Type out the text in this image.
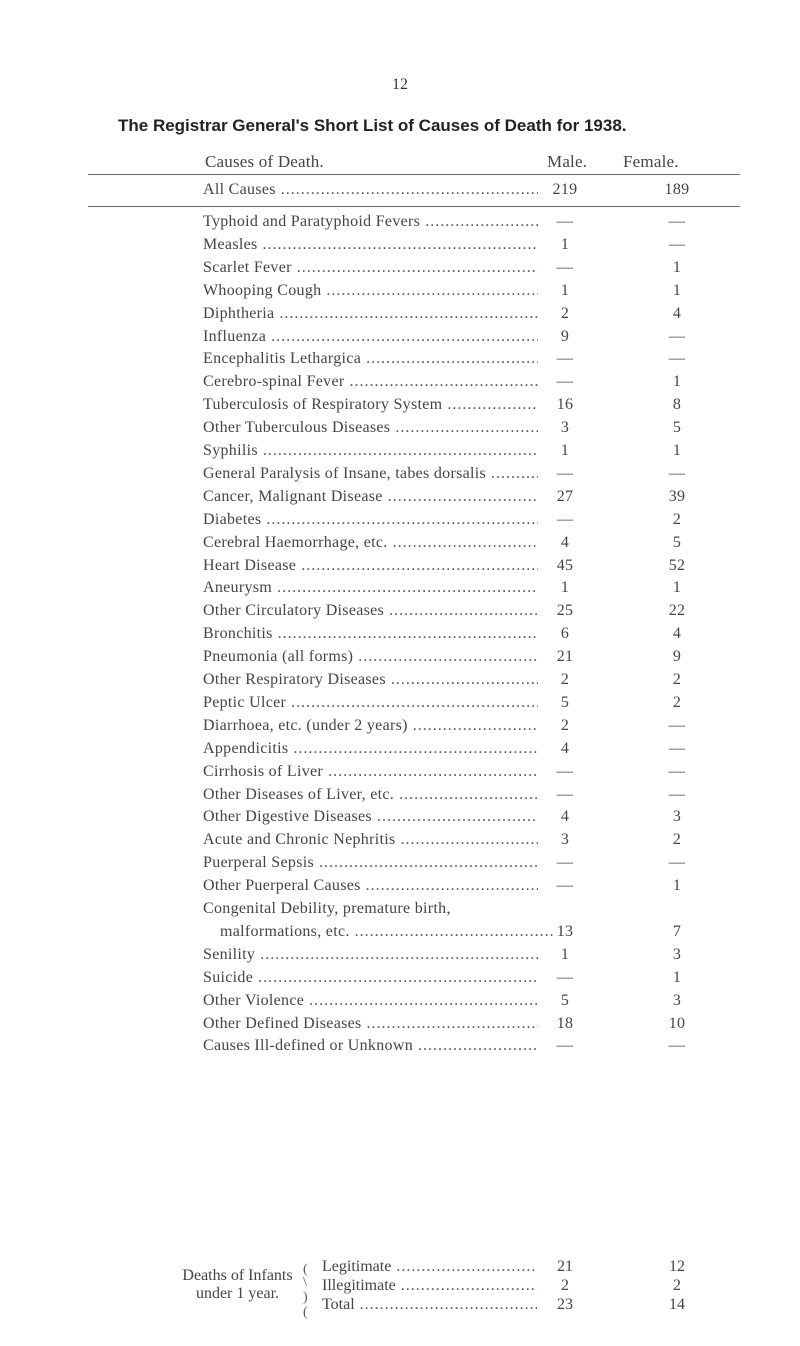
12
The Registrar General's Short List of Causes of Death for 1938.
Causes of Death.	Male. Female.
All Causes .....	219	189
Typhoid and Paratyphoid Fevers .....	—	—
Measles .....	1	—
Scarlet Fever .....	—	1
Whooping Cough .....	1	1
Diphtheria .....	2	4
Influenza .....	9	—
Encephalitis Lethargica .....	—	—
Cerebro-spinal Fever .....	—	1
Tuberculosis of Respiratory System .....	16	8
Other Tuberculous Diseases .....	3	5
Syphilis .....	1	1
General Paralysis of Insane, tabes dorsalis .....	—	—
Cancer, Malignant Disease .....	27	39
Diabetes .....	—	2
Cerebral Haemorrhage, etc. .....	4	5
Heart Disease .....	45	52
Aneurysm .....	1	1
Other Circulatory Diseases .....	25	22
Bronchitis .....	6	4
Pneumonia (all forms) .....	21	9
Other Respiratory Diseases .....	2	2
Peptic Ulcer .....	5	2
Diarrhoea, etc. (under 2 years) .....	2	—
Appendicitis .....	4	—
Cirrhosis of Liver .....	—	—
Other Diseases of Liver, etc. .....	—	—
Other Digestive Diseases .....	4	3
Acute and Chronic Nephritis .....	3	2
Puerperal Sepsis .....	—	—
Other Puerperal Causes .....	—	1
Congenital Debility, premature birth,
malformations, etc. .....	13	7
Senility .....	1	3
Suicide .....	—	1
Other Violence .....	5	3
Other Defined Diseases .....	18	10
Causes Ill-defined or Unknown .....	—	—
Deaths of Infants under 1 year.
(
\
)
(
Legitimate .....	21	12
Illegitimate .....	2	2
Total .....	23	14
